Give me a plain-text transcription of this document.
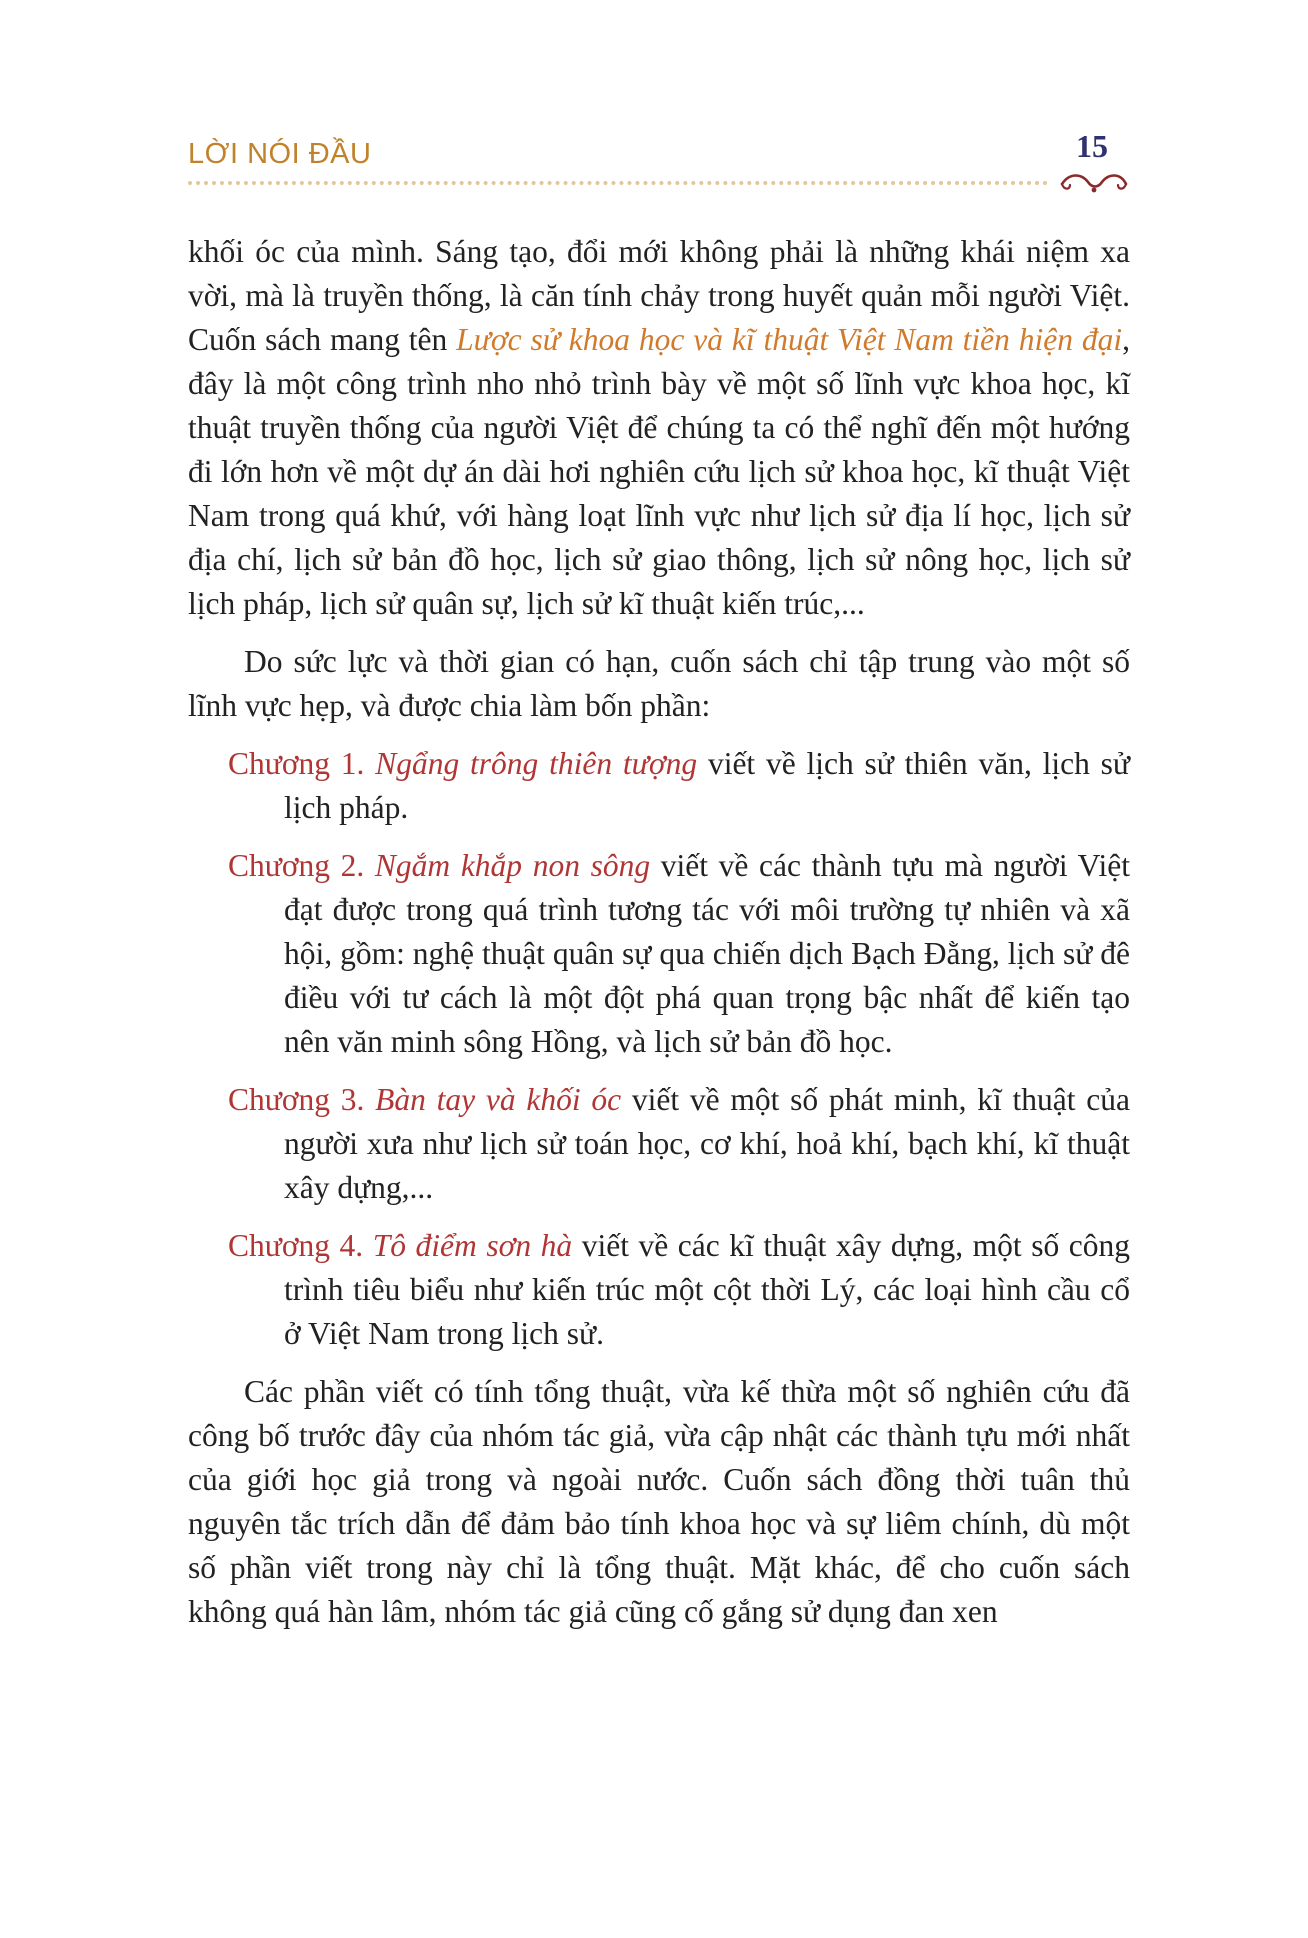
LỜI NÓI ĐẦU	15

khối óc của mình. Sáng tạo, đổi mới không phải là những khái niệm xa vời, mà là truyền thống, là căn tính chảy trong huyết quản mỗi người Việt. Cuốn sách mang tên Lược sử khoa học và kĩ thuật Việt Nam tiền hiện đại, đây là một công trình nho nhỏ trình bày về một số lĩnh vực khoa học, kĩ thuật truyền thống của người Việt để chúng ta có thể nghĩ đến một hướng đi lớn hơn về một dự án dài hơi nghiên cứu lịch sử khoa học, kĩ thuật Việt Nam trong quá khứ, với hàng loạt lĩnh vực như lịch sử địa lí học, lịch sử địa chí, lịch sử bản đồ học, lịch sử giao thông, lịch sử nông học, lịch sử lịch pháp, lịch sử quân sự, lịch sử kĩ thuật kiến trúc,...

Do sức lực và thời gian có hạn, cuốn sách chỉ tập trung vào một số lĩnh vực hẹp, và được chia làm bốn phần:

Chương 1. Ngẩng trông thiên tượng viết về lịch sử thiên văn, lịch sử lịch pháp.

Chương 2. Ngắm khắp non sông viết về các thành tựu mà người Việt đạt được trong quá trình tương tác với môi trường tự nhiên và xã hội, gồm: nghệ thuật quân sự qua chiến dịch Bạch Đằng, lịch sử đê điều với tư cách là một đột phá quan trọng bậc nhất để kiến tạo nên văn minh sông Hồng, và lịch sử bản đồ học.

Chương 3. Bàn tay và khối óc viết về một số phát minh, kĩ thuật của người xưa như lịch sử toán học, cơ khí, hoả khí, bạch khí, kĩ thuật xây dựng,...

Chương 4. Tô điểm sơn hà viết về các kĩ thuật xây dựng, một số công trình tiêu biểu như kiến trúc một cột thời Lý, các loại hình cầu cổ ở Việt Nam trong lịch sử.

Các phần viết có tính tổng thuật, vừa kế thừa một số nghiên cứu đã công bố trước đây của nhóm tác giả, vừa cập nhật các thành tựu mới nhất của giới học giả trong và ngoài nước. Cuốn sách đồng thời tuân thủ nguyên tắc trích dẫn để đảm bảo tính khoa học và sự liêm chính, dù một số phần viết trong này chỉ là tổng thuật. Mặt khác, để cho cuốn sách không quá hàn lâm, nhóm tác giả cũng cố gắng sử dụng đan xen
